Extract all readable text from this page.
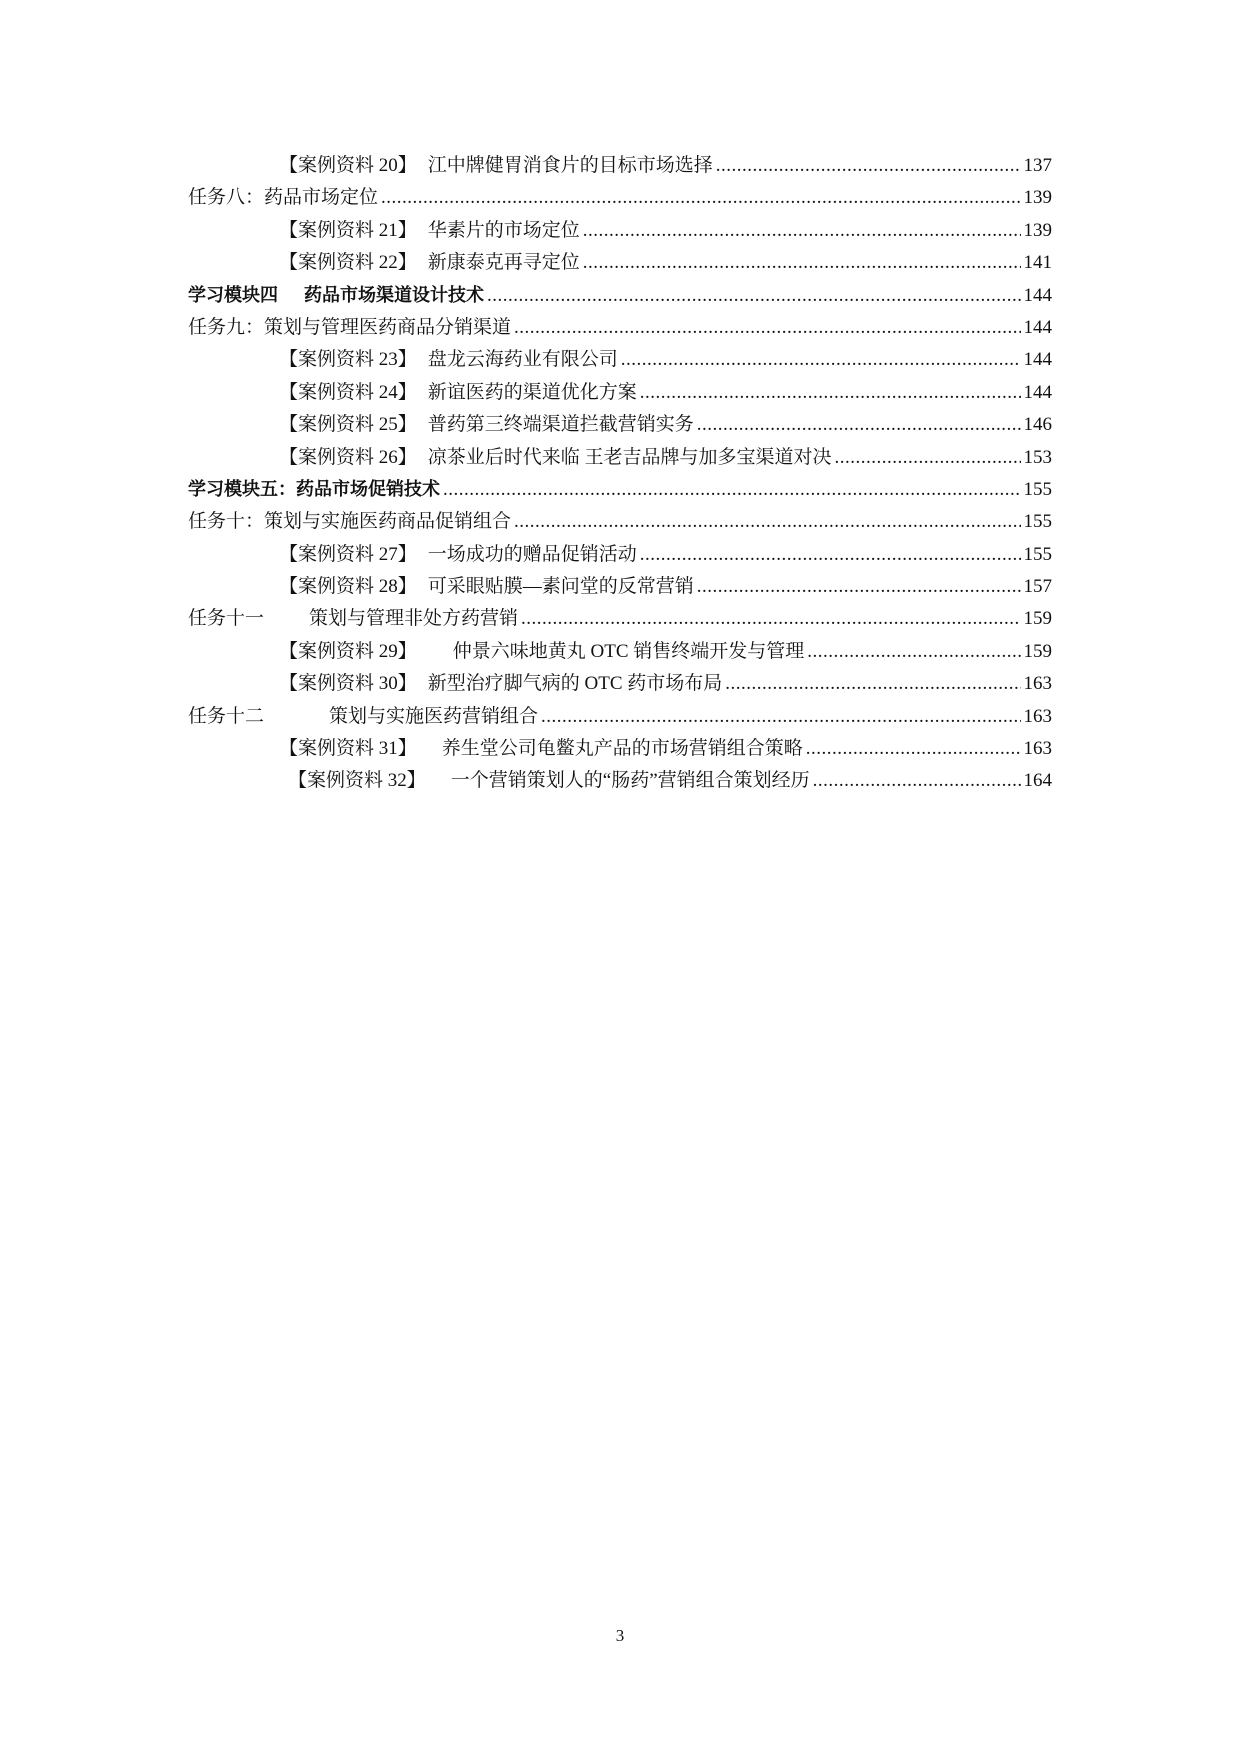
【案例资料 20】 江中牌健胃消食片的目标市场选择 .....	137
任务八：药品市场定位 .....	139
【案例资料 21】 华素片的市场定位 .....	139
【案例资料 22】 新康泰克再寻定位 .....	141
学习模块四 药品市场渠道设计技术 .....	144
任务九：策划与管理医药商品分销渠道 .....	144
【案例资料 23】 盘龙云海药业有限公司 .....	144
【案例资料 24】 新谊医药的渠道优化方案 .....	144
【案例资料 25】 普药第三终端渠道拦截营销实务 .....	146
【案例资料 26】 凉茶业后时代来临 王老吉品牌与加多宝渠道对决 .....	153
学习模块五：药品市场促销技术 .....	155
任务十：策划与实施医药商品促销组合 .....	155
【案例资料 27】 一场成功的赠品促销活动 .....	155
【案例资料 28】 可采眼贴膜—素问堂的反常营销 .....	157
任务十一 策划与管理非处方药营销 .....	159
【案例资料 29】 仲景六味地黄丸 OTC 销售终端开发与管理 .....	159
【案例资料 30】 新型治疗脚气病的 OTC 药市场布局 .....	163
任务十二	策划与实施医药营销组合 .....	163
【案例资料 31】 养生堂公司龟鳖丸产品的市场营销组合策略 .....	163
【案例资料 32】 一个营销策划人的“肠药”营销组合策划经历 .....	164
3
